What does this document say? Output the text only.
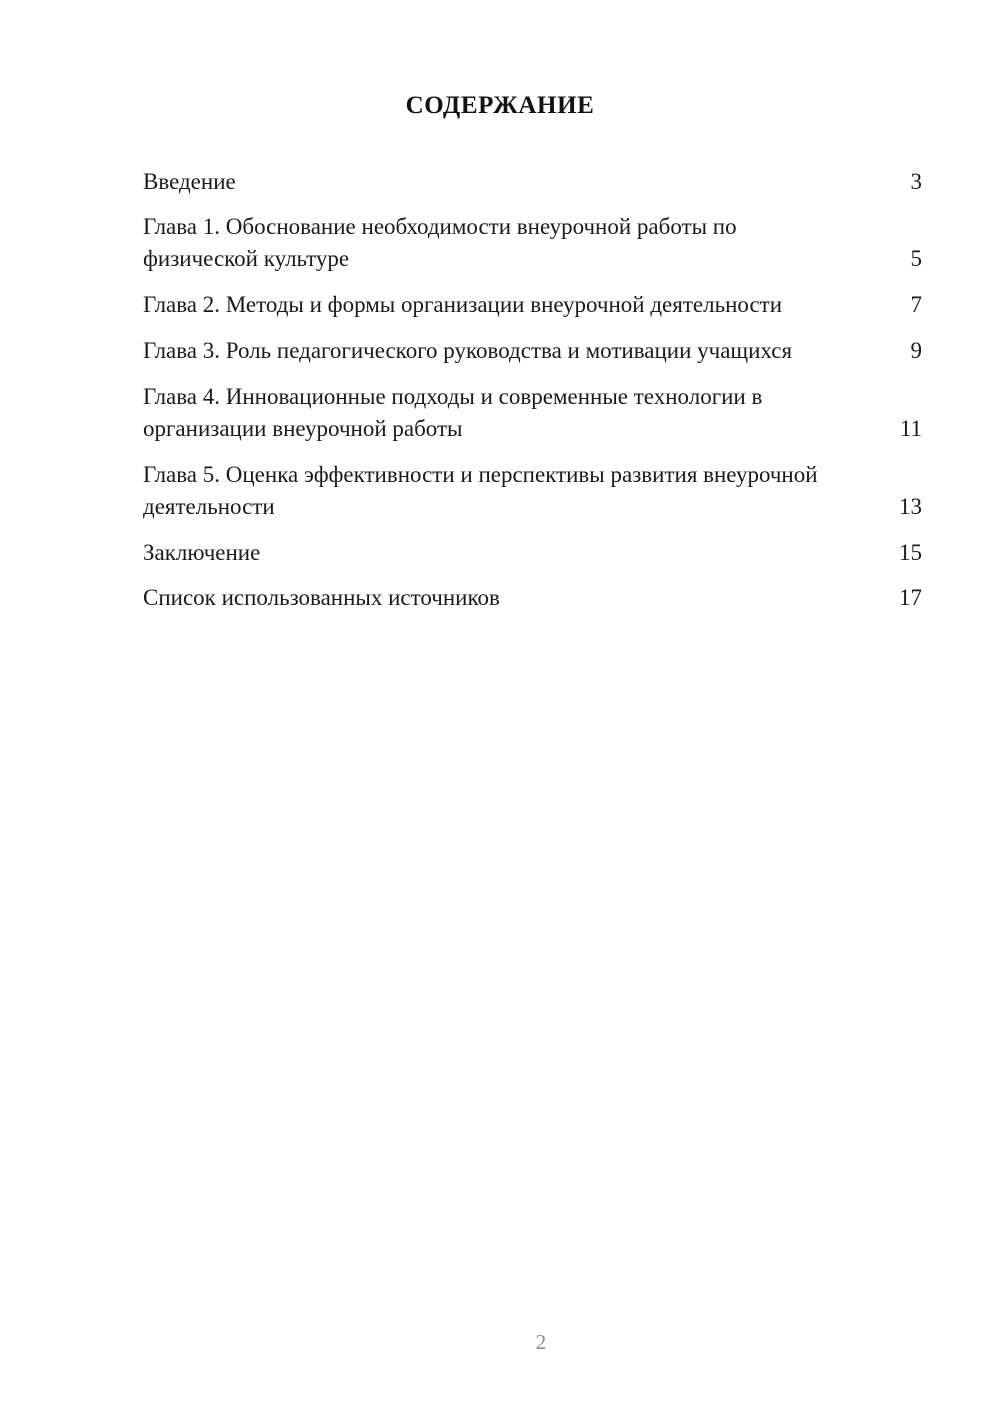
СОДЕРЖАНИЕ
Введение	3
Глава 1. Обоснование необходимости внеурочной работы по физической культуре	5
Глава 2. Методы и формы организации внеурочной деятельности	7
Глава 3. Роль педагогического руководства и мотивации учащихся	9
Глава 4. Инновационные подходы и современные технологии в организации внеурочной работы	11
Глава 5. Оценка эффективности и перспективы развития внеурочной деятельности	13
Заключение	15
Список использованных источников	17
2
